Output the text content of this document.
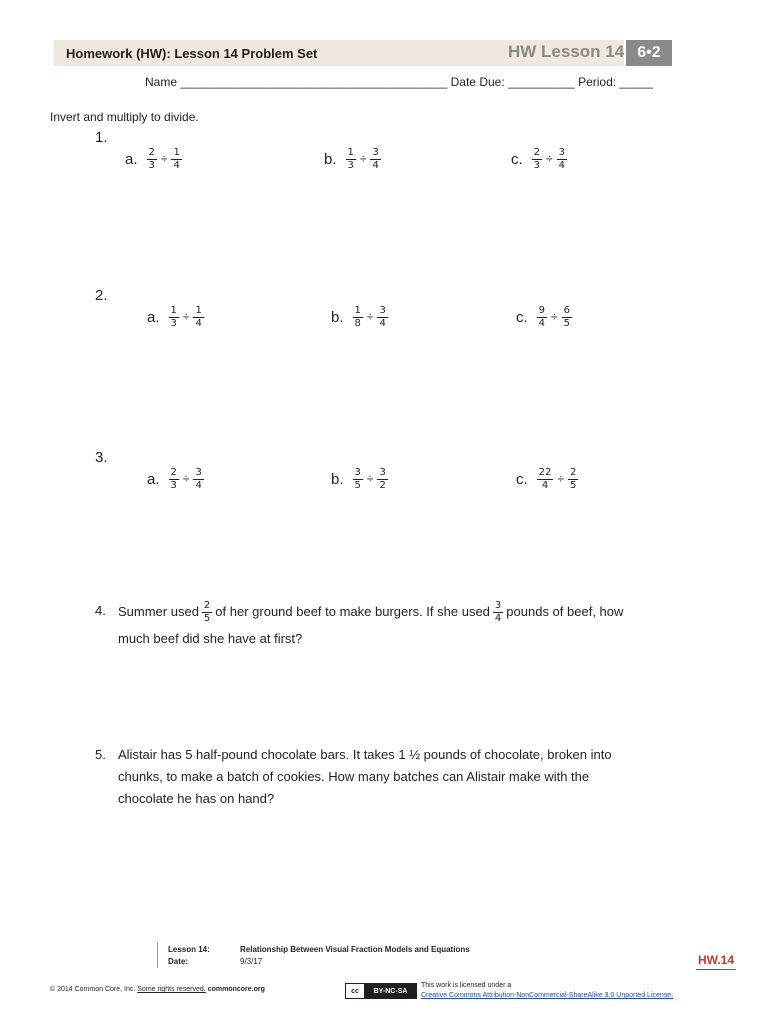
Homework (HW): Lesson 14 Problem Set	HW Lesson 14 6•2
Name ________________________________________ Date Due: __________ Period: _____
Invert and multiply to divide.
1.
a. $\frac{2}{3} \div \frac{1}{4}$	b. $\frac{1}{3} \div \frac{3}{4}$	c. $\frac{2}{3} \div \frac{3}{4}$
2.
a. $\frac{1}{3} \div \frac{1}{4}$	b. $\frac{1}{8} \div \frac{3}{4}$	c. $\frac{9}{4} \div \frac{6}{5}$
3.
a. $\frac{2}{3} \div \frac{3}{4}$	b. $\frac{3}{5} \div \frac{3}{2}$	c. $\frac{22}{4} \div \frac{2}{5}$
4. Summer used $\frac{2}{5}$ of her ground beef to make burgers. If she used $\frac{3}{4}$ pounds of beef, how
much beef did she have at first?
5. Alistair has 5 half-pound chocolate bars. It takes 1 ½ pounds of chocolate, broken into
chunks, to make a batch of cookies. How many batches can Alistair make with the
chocolate he has on hand?
Lesson 14:
Date:
Relationship Between Visual Fraction Models and Equations
9/3/17	HW.14
© 2014 Common Core, Inc. Some rights reserved. commoncore.org	cc	BY-NC-SA
This work is licensed under a
Creative Commons Attribution-NonCommercial-ShareAlike 3.0 Unported License.
